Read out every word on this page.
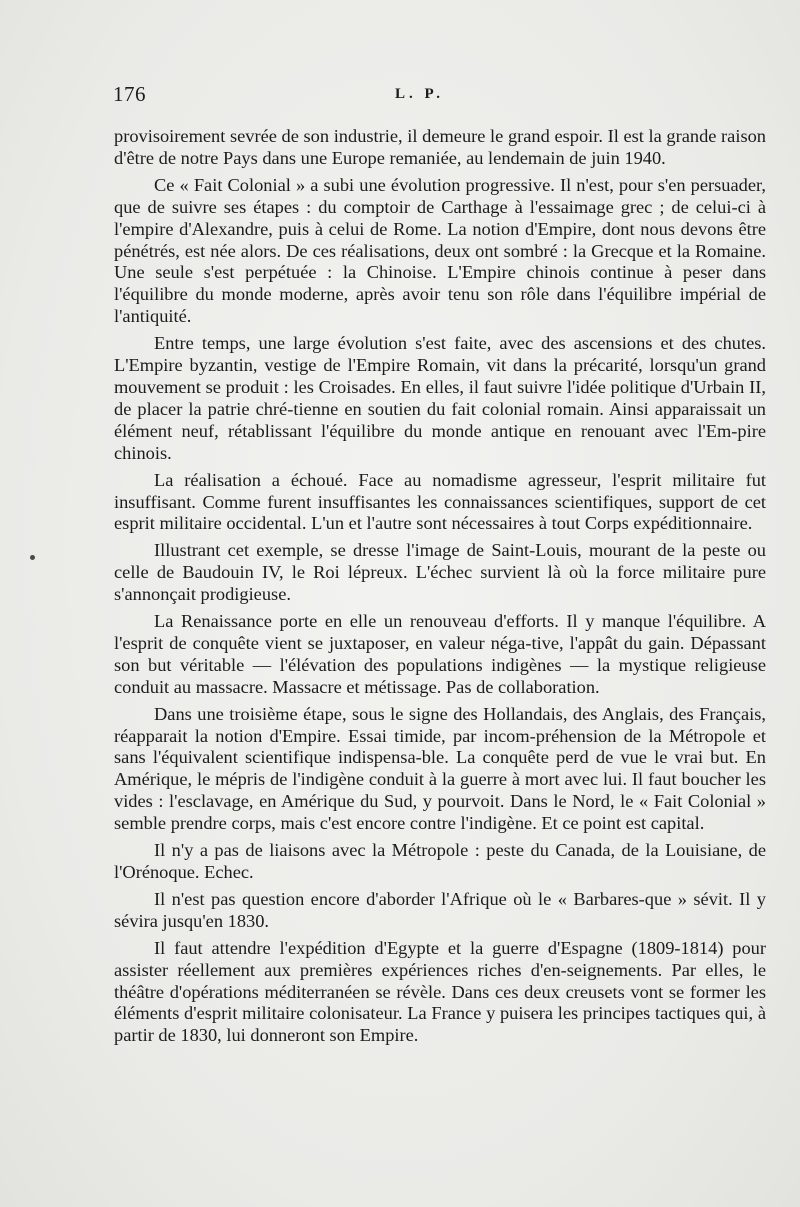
176	L. P.

provisoirement sevrée de son industrie, il demeure le grand espoir. Il est la grande raison d'être de notre Pays dans une Europe remaniée, au lendemain de juin 1940.

Ce « Fait Colonial » a subi une évolution progressive. Il n'est, pour s'en persuader, que de suivre ses étapes : du comptoir de Carthage à l'essaimage grec ; de celui-ci à l'empire d'Alexandre, puis à celui de Rome. La notion d'Empire, dont nous devons être pénétrés, est née alors. De ces réalisations, deux ont sombré : la Grecque et la Romaine. Une seule s'est perpétuée : la Chinoise. L'Empire chinois continue à peser dans l'équilibre du monde moderne, après avoir tenu son rôle dans l'équilibre impérial de l'antiquité.

Entre temps, une large évolution s'est faite, avec des ascensions et des chutes. L'Empire byzantin, vestige de l'Empire Romain, vit dans la précarité, lorsqu'un grand mouvement se produit : les Croisades. En elles, il faut suivre l'idée politique d'Urbain II, de placer la patrie chré-tienne en soutien du fait colonial romain. Ainsi apparaissait un élément neuf, rétablissant l'équilibre du monde antique en renouant avec l'Em-pire chinois.

La réalisation a échoué. Face au nomadisme agresseur, l'esprit militaire fut insuffisant. Comme furent insuffisantes les connaissances scientifiques, support de cet esprit militaire occidental. L'un et l'autre sont nécessaires à tout Corps expéditionnaire.

Illustrant cet exemple, se dresse l'image de Saint-Louis, mourant de la peste ou celle de Baudouin IV, le Roi lépreux. L'échec survient là où la force militaire pure s'annonçait prodigieuse.

La Renaissance porte en elle un renouveau d'efforts. Il y manque l'équilibre. A l'esprit de conquête vient se juxtaposer, en valeur néga-tive, l'appât du gain. Dépassant son but véritable — l'élévation des populations indigènes — la mystique religieuse conduit au massacre. Massacre et métissage. Pas de collaboration.

Dans une troisième étape, sous le signe des Hollandais, des Anglais, des Français, réapparait la notion d'Empire. Essai timide, par incom-préhension de la Métropole et sans l'équivalent scientifique indispensa-ble. La conquête perd de vue le vrai but. En Amérique, le mépris de l'indigène conduit à la guerre à mort avec lui. Il faut boucher les vides : l'esclavage, en Amérique du Sud, y pourvoit. Dans le Nord, le « Fait Colonial » semble prendre corps, mais c'est encore contre l'indigène. Et ce point est capital.

Il n'y a pas de liaisons avec la Métropole : peste du Canada, de la Louisiane, de l'Orénoque. Echec.

Il n'est pas question encore d'aborder l'Afrique où le « Barbares-que » sévit. Il y sévira jusqu'en 1830.

Il faut attendre l'expédition d'Egypte et la guerre d'Espagne (1809-1814) pour assister réellement aux premières expériences riches d'en-seignements. Par elles, le théâtre d'opérations méditerranéen se révèle. Dans ces deux creusets vont se former les éléments d'esprit militaire colonisateur. La France y puisera les principes tactiques qui, à partir de 1830, lui donneront son Empire.
